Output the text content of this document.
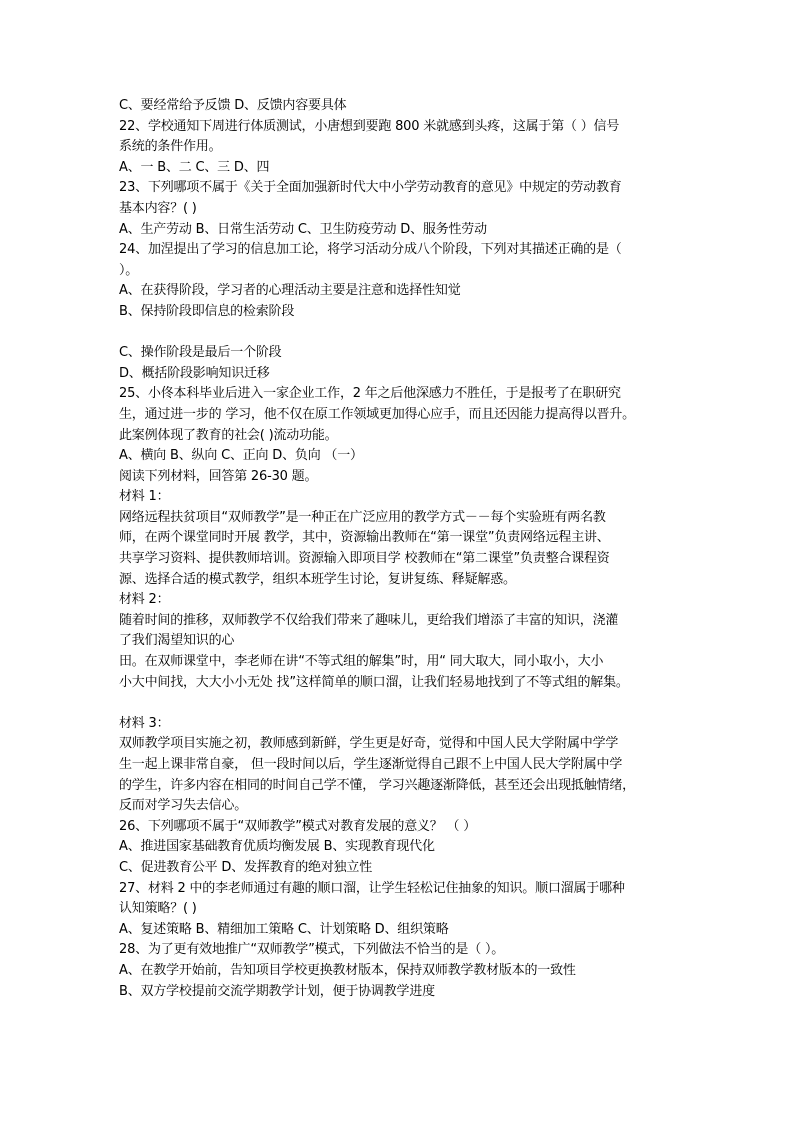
C、要经常给予反馈 D、反馈内容要具体
22、学校通知下周进行体质测试，小唐想到要跑 800 米就感到头疼，这属于第（ ）信号
系统的条件作用。
A、一 B、二 C、三 D、四
23、下列哪项不属于《关于全面加强新时代大中小学劳动教育的意见》中规定的劳动教育
基本内容？( )
A、生产劳动 B、日常生活劳动 C、卫生防疫劳动 D、服务性劳动
24、加涅提出了学习的信息加工论，将学习活动分成八个阶段，下列对其描述正确的是（
）。
A、在获得阶段，学习者的心理活动主要是注意和选择性知觉
B、保持阶段即信息的检索阶段
C、操作阶段是最后一个阶段
D、概括阶段影响知识迁移
25、小佟本科毕业后进入一家企业工作，2 年之后他深感力不胜任，于是报考了在职研究
生，通过进一步的 学习，他不仅在原工作领域更加得心应手，而且还因能力提高得以晋升。
此案例体现了教育的社会( )流动功能。
A、横向 B、纵向 C、正向 D、负向 （一）
阅读下列材料，回答第 26-30 题。
材料 1：
网络远程扶贫项目“双师教学”是一种正在广泛应用的教学方式－－每个实验班有两名教
师，在两个课堂同时开展 教学，其中，资源输出教师在“第一课堂”负责网络远程主讲、
共享学习资料、提供教师培训。资源输入即项目学 校教师在“第二课堂”负责整合课程资
源、选择合适的模式教学，组织本班学生讨论，复讲复练、释疑解惑。
材料 2：
随着时间的推移，双师教学不仅给我们带来了趣味儿，更给我们增添了丰富的知识，浇灌
了我们渴望知识的心
田。在双师课堂中，李老师在讲“不等式组的解集”时，用“ 同大取大，同小取小，大小
小大中间找，大大小小无处 找”这样简单的顺口溜，让我们轻易地找到了不等式组的解集。
材料 3：
双师教学项目实施之初，教师感到新鲜，学生更是好奇，觉得和中国人民大学附属中学学
生一起上课非常自豪， 但一段时间以后，学生逐渐觉得自己跟不上中国人民大学附属中学
的学生，许多内容在相同的时间自己学不懂， 学习兴趣逐渐降低，甚至还会出现抵触情绪，
反而对学习失去信心。
26、下列哪项不属于“双师教学”模式对教育发展的意义？ （ ）
A、推进国家基础教育优质均衡发展 B、实现教育现代化
C、促进教育公平 D、发挥教育的绝对独立性
27、材料 2 中的李老师通过有趣的顺口溜，让学生轻松记住抽象的知识。顺口溜属于哪种
认知策略？( )
A、复述策略 B、精细加工策略 C、计划策略 D、组织策略
28、为了更有效地推广“双师教学”模式，下列做法不恰当的是（ ）。
A、在教学开始前，告知项目学校更换教材版本，保持双师教学教材版本的一致性
B、双方学校提前交流学期教学计划，便于协调教学进度
